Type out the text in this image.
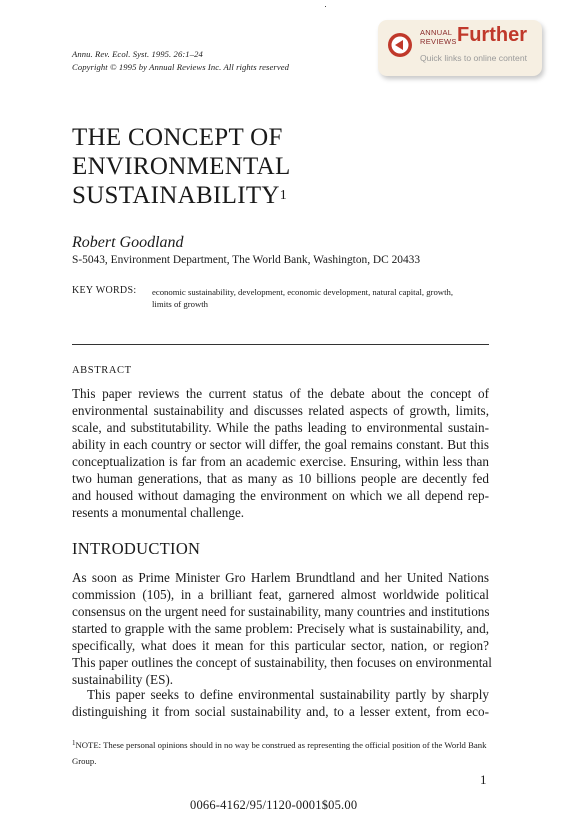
Annu. Rev. Ecol. Syst. 1995. 26:1–24
Copyright © 1995 by Annual Reviews Inc. All rights reserved
ANNUAL
REVIEWS Further
Quick links to online content
THE CONCEPT OF
ENVIRONMENTAL
SUSTAINABILITY$^1$
Robert Goodland
S-5043, Environment Department, The World Bank, Washington, DC 20433
KEY WORDS: economic sustainability, development, economic development, natural capital, growth, limits of growth
ABSTRACT
This paper reviews the current status of the debate about the concept of
environmental sustainability and discusses related aspects of growth, limits,
scale, and substitutability. While the paths leading to environmental sustain-
ability in each country or sector will differ, the goal remains constant. But this
conceptualization is far from an academic exercise. Ensuring, within less than
two human generations, that as many as 10 billions people are decently fed
and housed without damaging the environment on which we all depend rep-
resents a monumental challenge.
INTRODUCTION
As soon as Prime Minister Gro Harlem Brundtland and her United Nations
commission (105), in a brilliant feat, garnered almost worldwide political
consensus on the urgent need for sustainability, many countries and institutions
started to grapple with the same problem: Precisely what is sustainability, and,
specifically, what does it mean for this particular sector, nation, or region?
This paper outlines the concept of sustainability, then focuses on environmental
sustainability (ES).
This paper seeks to define environmental sustainability partly by sharply
distinguishing it from social sustainability and, to a lesser extent, from eco-
$^1$NOTE: These personal opinions should in no way be construed as representing the official position of the World Bank Group.
1
0066-4162/95/1120-0001$05.00
